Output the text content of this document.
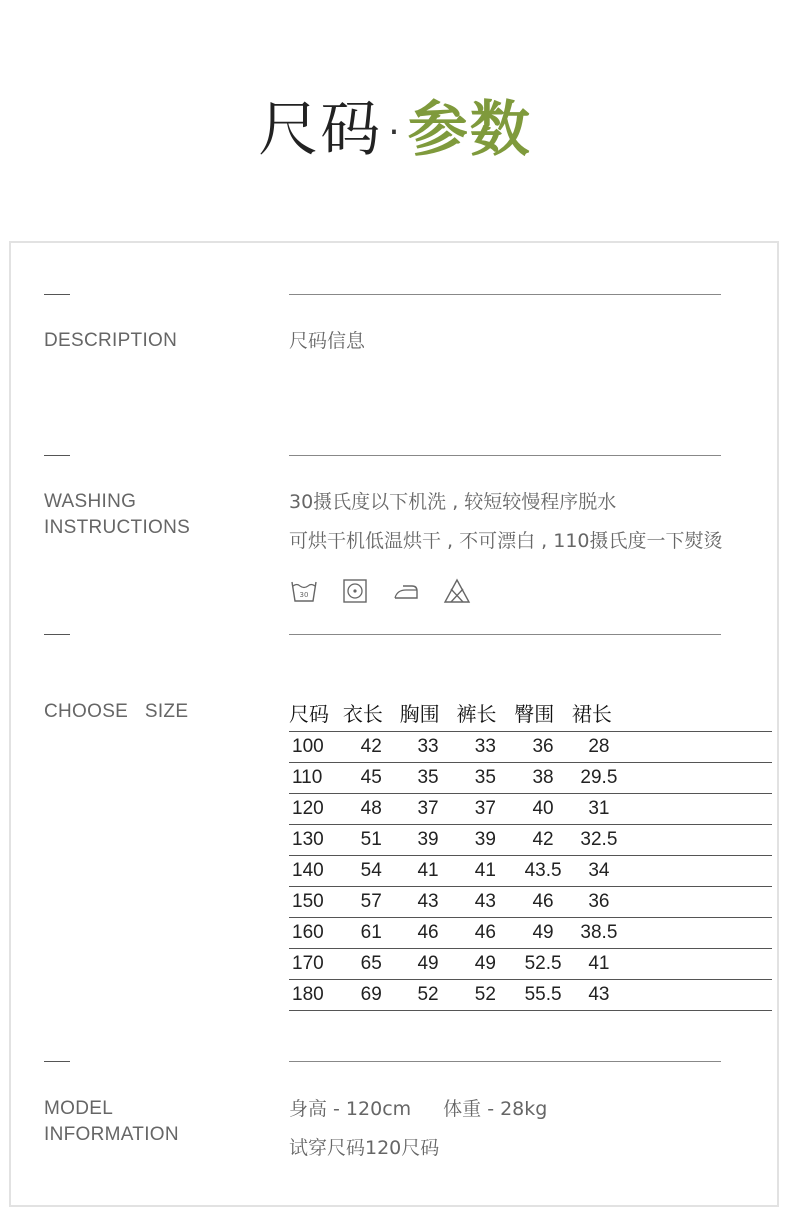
尺码 · 参数
DESCRIPTION	尺码信息
WASHING
INSTRUCTIONS
30摄氏度以下机洗 , 较短较慢程序脱水
可烘干机低温烘干 , 不可漂白 , 110摄氏度一下熨烫
30
CHOOSE   SIZE	尺码	衣长	胸围	裤长	臀围	裙长	
100	42	33	33	36	28	
110	45	35	35	38	29.5	
120	48	37	37	40	31	
130	51	39	39	42	32.5	
140	54	41	41	43.5	34	
150	57	43	43	46	36	
160	61	46	46	49	38.5	
170	65	49	49	52.5	41	
180	69	52	52	55.5	43	
MODEL
INFORMATION
身高 - 120cm 体重 - 28kg
试穿尺码120尺码
